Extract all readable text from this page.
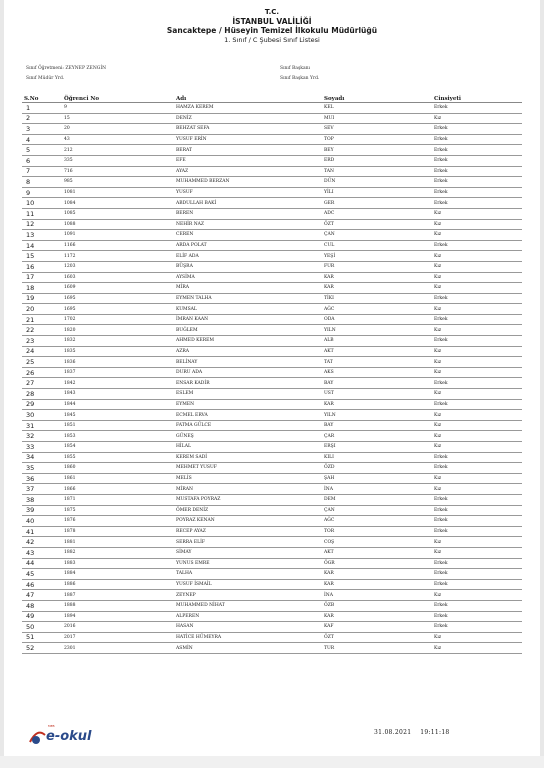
T.C.
İSTANBUL VALİLİĞİ
Sancaktepe / Hüseyin Temizel İlkokulu Müdürlüğü
1. Sınıf / C Şubesi Sınıf Listesi
Sınıf Öğretmeni: ZEYNEP ZENGİN
Sınıf Müdür Yrd.
Sınıf Başkanı
Sınıf Başkan Yrd.
S.No		Öğrenci No	Adı	Soyadı	Cinsiyeti
1		9	HAMZA KEREM	KEL	Erkek
2		15	DENİZ	MUI	Kız
3		20	BEHZAT SEFA	SEV	Erkek
4		43	YUSUF ERİN	TOP	Erkek
5		212	BERAT	BEY	Erkek
6		335	EFE	ERD	Erkek
7		716	AYAZ	TAN	Erkek
8		985	MUHAMMED BERZAN	DÜN	Erkek
9		1081	YUSUF	YİLI	Erkek
10		1084	ABDULLAH BAKİ	GER	Erkek
11		1085	BEREN	ADC	Kız
12		1088	NEHİR NAZ	ÖZT	Kız
13		1091	CEREN	ÇAN	Kız
14		1166	ARDA POLAT	CUL	Erkek
15		1172	ELİF ADA	YEŞİ	Kız
16		1203	BÜŞRA	FUR	Kız
17		1603	AYSİMA	KAR	Kız
18		1609	MİRA	KAR	Kız
19		1695	EYMEN TALHA	TİKI	Erkek
20		1695	KUMSAL	AĞC	Kız
21		1702	İMRAN KAAN	ODA	Erkek
22		1820	BUĞLEM	YILN	Kız
23		1832	AHMED KEREM	ALB	Erkek
24		1835	AZRA	AKT	Kız
25		1836	BELİNAY	TAT	Kız
26		1837	DURU ADA	AKS	Kız
27		1842	ENSAR KADİR	BAY	Erkek
28		1843	ESLEM	UST	Kız
29		1844	EYMEN	KAR	Erkek
30		1845	ECMEL ERVA	YILN	Kız
31		1851	FATMA GÜLCE	BAY	Kız
32		1853	GÜNEŞ	ÇAR	Kız
33		1854	HİLAL	ERŞI	Kız
34		1855	KEREM SADİ	KILI	Erkek
35		1860	MEHMET YUSUF	ÖZD	Erkek
36		1861	MELİS	ŞAH	Kız
37		1866	MİRAN	İNA	Kız
38		1871	MUSTAFA POYRAZ	DEM	Erkek
39		1875	ÖMER DENİZ	ÇAN	Erkek
40		1876	POYRAZ KENAN	AĞC	Erkek
41		1878	RECEP AYAZ	TOR	Erkek
42		1881	SERRA ELİF	COŞ	Kız
43		1882	SİMAY	AKT	Kız
44		1883	YUNUS EMRE	ÖGR	Erkek
45		1884	TALHA	KAR	Erkek
46		1886	YUSUF İSMAİL	KAR	Erkek
47		1887	ZEYNEP	İNA	Kız
48		1888	MUHAMMED NİHAT	ÖZB	Erkek
49		1894	ALPEREN	KAR	Erkek
50		2016	HASAN	KAF	Erkek
51		2017	HATİCE HÜMEYRA	ÖZT	Kız
52		2301	ASMİN	TUR	Kız
MEB
e-okul	31.08.2021 19:11:18
